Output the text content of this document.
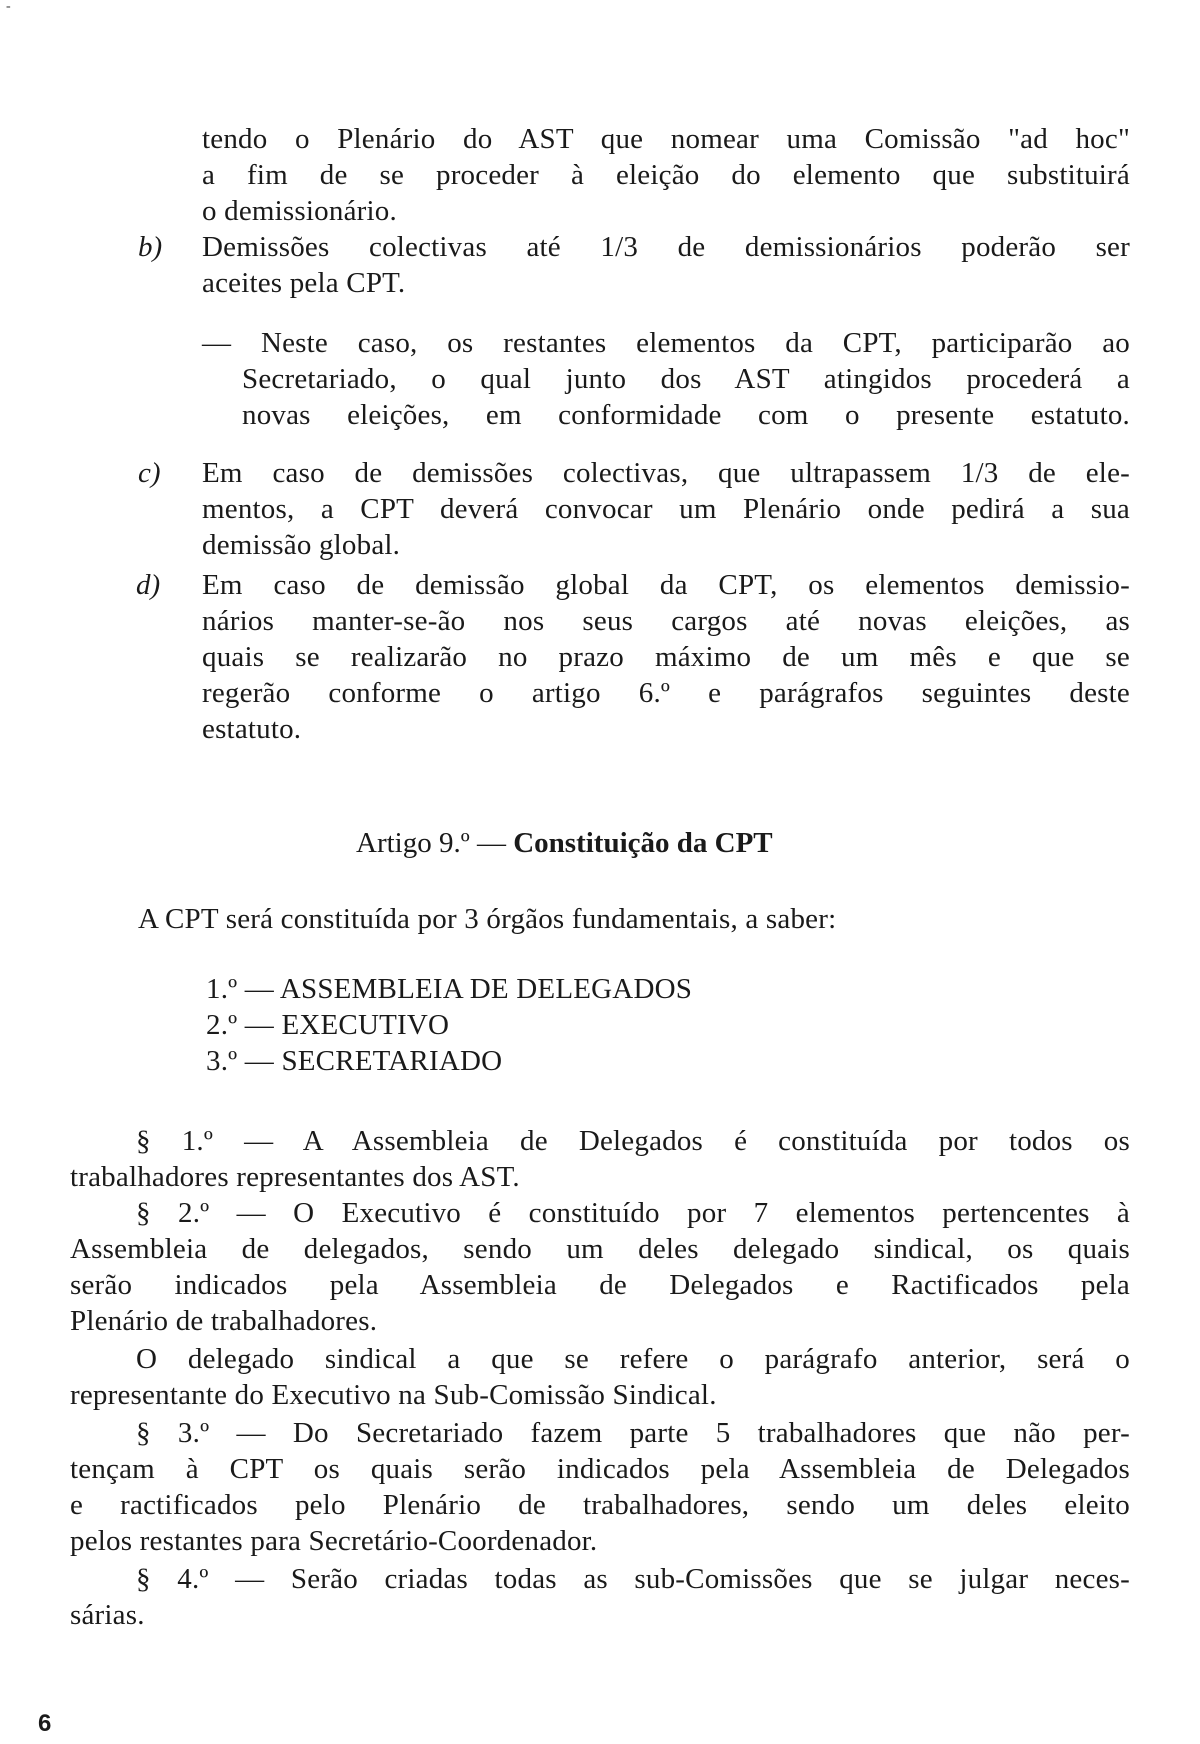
-
tendo o Plenário do AST que nomear uma Comissão "ad hoc"
a fim de se proceder à eleição do elemento que substituirá
o demissionário.
b) Demissões colectivas até 1/3 de demissionários poderão ser
aceites pela CPT.
— Neste caso, os restantes elementos da CPT, participarão ao
Secretariado, o qual junto dos AST atingidos procederá a
novas eleições, em conformidade com o presente estatuto.
c) Em caso de demissões colectivas, que ultrapassem 1/3 de ele-
mentos, a CPT deverá convocar um Plenário onde pedirá a sua
demissão global.
d) Em caso de demissão global da CPT, os elementos demissio-
nários manter-se-ão nos seus cargos até novas eleições, as
quais se realizarão no prazo máximo de um mês e que se
regerão conforme o artigo 6.º e parágrafos seguintes deste
estatuto.
Artigo 9.º — Constituição da CPT
A CPT será constituída por 3 órgãos fundamentais, a saber:
1.º — ASSEMBLEIA DE DELEGADOS
2.º — EXECUTIVO
3.º — SECRETARIADO
§ 1.º — A Assembleia de Delegados é constituída por todos os
trabalhadores representantes dos AST.
§ 2.º — O Executivo é constituído por 7 elementos pertencentes à
Assembleia de delegados, sendo um deles delegado sindical, os quais
serão indicados pela Assembleia de Delegados e Ractificados pela
Plenário de trabalhadores.
O delegado sindical a que se refere o parágrafo anterior, será o
representante do Executivo na Sub-Comissão Sindical.
§ 3.º — Do Secretariado fazem parte 5 trabalhadores que não per-
tençam à CPT os quais serão indicados pela Assembleia de Delegados
e ractificados pelo Plenário de trabalhadores, sendo um deles eleito
pelos restantes para Secretário-Coordenador.
§ 4.º — Serão criadas todas as sub-Comissões que se julgar neces-
sárias.
6
